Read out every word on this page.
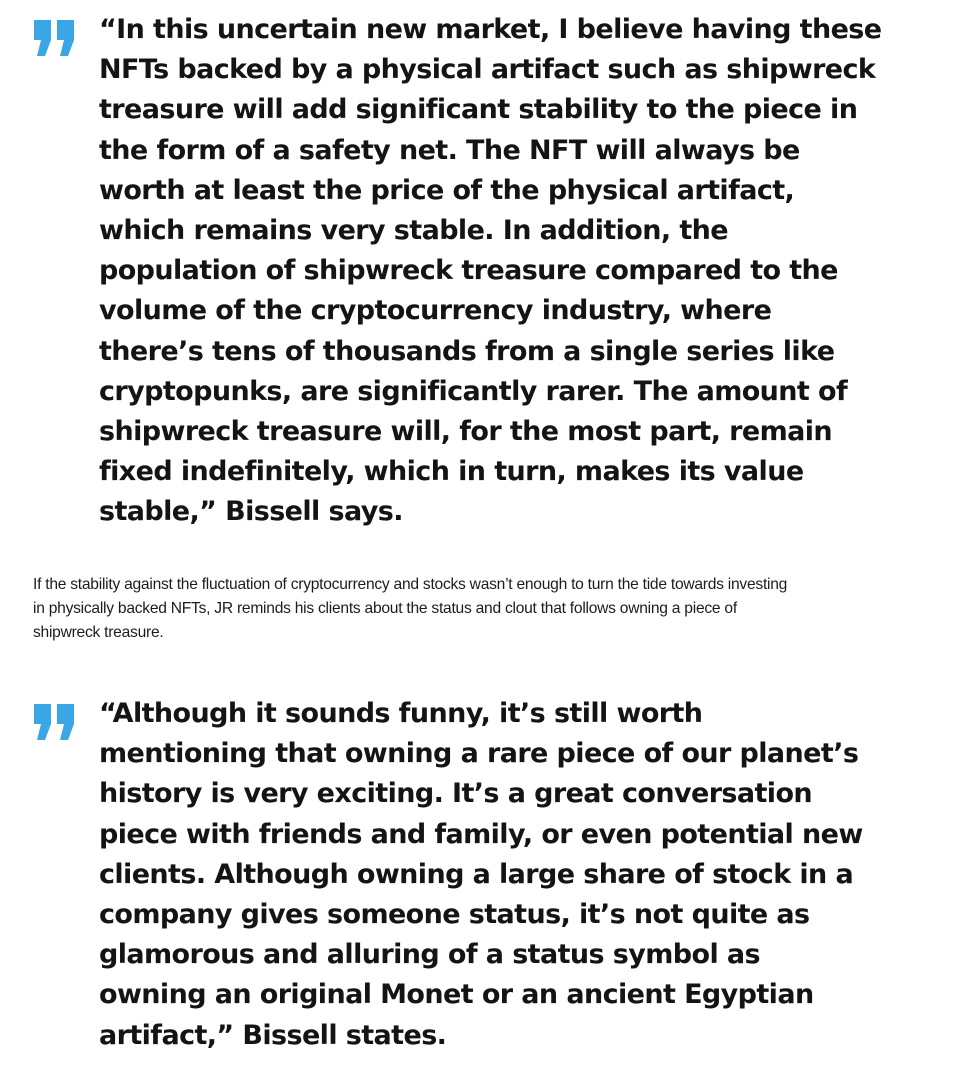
“In this uncertain new market, I believe having these
NFTs backed by a physical artifact such as shipwreck
treasure will add significant stability to the piece in
the form of a safety net. The NFT will always be
worth at least the price of the physical artifact,
which remains very stable. In addition, the
population of shipwreck treasure compared to the
volume of the cryptocurrency industry, where
there’s tens of thousands from a single series like
cryptopunks, are significantly rarer. The amount of
shipwreck treasure will, for the most part, remain
fixed indefinitely, which in turn, makes its value
stable,” Bissell says.

If the stability against the fluctuation of cryptocurrency and stocks wasn’t enough to turn the tide towards investing
in physically backed NFTs, JR reminds his clients about the status and clout that follows owning a piece of
shipwreck treasure.

“Although it sounds funny, it’s still worth
mentioning that owning a rare piece of our planet’s
history is very exciting. It’s a great conversation
piece with friends and family, or even potential new
clients. Although owning a large share of stock in a
company gives someone status, it’s not quite as
glamorous and alluring of a status symbol as
owning an original Monet or an ancient Egyptian
artifact,” Bissell states.
